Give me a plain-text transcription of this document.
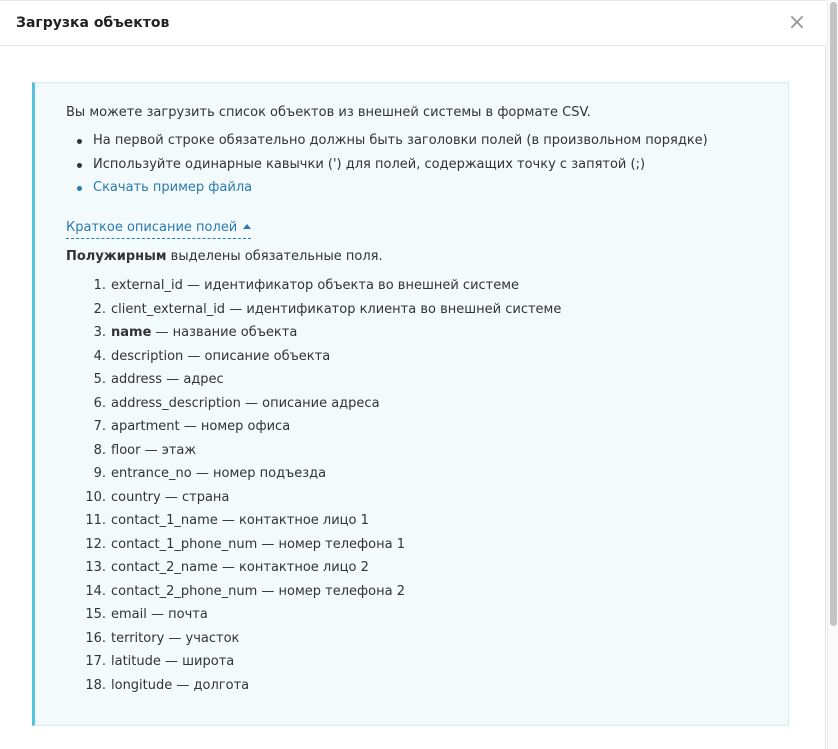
Загрузка объектов	×
Вы можете загрузить список объектов из внешней системы в формате CSV.
На первой строке обязательно должны быть заголовки полей (в произвольном порядке)
Используйте одинарные кавычки (') для полей, содержащих точку с запятой (;)
Скачать пример файла
Краткое описание полей
Полужирным выделены обязательные поля.
1. external_id — идентификатор объекта во внешней системе
2. client_external_id — идентификатор клиента во внешней системе
3. name — название объекта
4. description — описание объекта
5. address — адрес
6. address_description — описание адреса
7. apartment — номер офиса
8. floor — этаж
9. entrance_no — номер подъезда
10. country — страна
11. contact_1_name — контактное лицо 1
12. contact_1_phone_num — номер телефона 1
13. contact_2_name — контактное лицо 2
14. contact_2_phone_num — номер телефона 2
15. email — почта
16. territory — участок
17. latitude — широта
18. longitude — долгота
